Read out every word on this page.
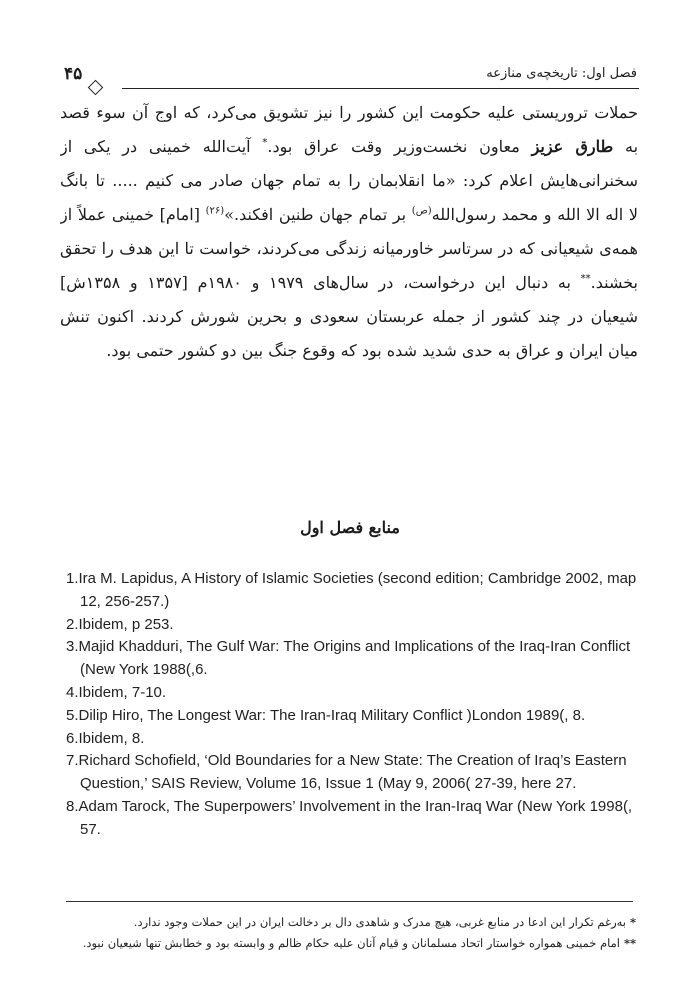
۴۵	فصل اول: تاریخچه‌ی منازعه
حملات تروریستی علیه حکومت این کشور را نیز تشویق می‌کرد، که اوج آن سوء قصد
به طارق عزیز معاون نخست‌وزیر وقت عراق بود.* آیت‌الله خمینی در یکی از
سخنرانی‌هایش اعلام کرد: «ما انقلابمان را به تمام جهان صادر می کنیم ..... تا بانگ
لا اله الا الله و محمد رسول‌الله$^{(ص)}$ بر تمام جهان طنین افکند.»$^{(۲۶)}$ [امام] خمینی عملاً از
همه‌ی شیعیانی که در سرتاسر خاورمیانه زندگی می‌کردند، خواست تا این هدف را تحقق
بخشند.** به دنبال این درخواست، در سال‌های ۱۹۷۹ و ۱۹۸۰م [۱۳۵۷ و ۱۳۵۸ش]
شیعیان در چند کشور از جمله عربستان سعودی و بحرین شورش کردند. اکنون تنش
میان ایران و عراق به حدی شدید شده بود که وقوع جنگ بین دو کشور حتمی بود.
منابع فصل اول
1.Ira M. Lapidus, A History of Islamic Societies (second edition; Cambridge 2002, map 12, 256-257.)
2.Ibidem, p 253.
3.Majid Khadduri, The Gulf War: The Origins and Implications of the Iraq-Iran Conflict (New York 1988(,6.
4.Ibidem, 7-10.
5.Dilip Hiro, The Longest War: The Iran-Iraq Military Conflict )London 1989(, 8.
6.Ibidem, 8.
7.Richard Schofield, ‘Old Boundaries for a New State: The Creation of Iraq’s Eastern Question,’ SAIS Review, Volume 16, Issue 1 (May 9, 2006( 27-39, here 27.
8.Adam Tarock, The Superpowers’ Involvement in the Iran-Iraq War (New York 1998(, 57.
*به‌رغم تکرار این ادعا در منابع غربی، هیچ مدرک و شاهدی دال بر دخالت ایران در این حملات وجود ندارد.
**امام خمینی همواره خواستار اتحاد مسلمانان و قیام آنان علیه حکام ظالم و وابسته بود و خطابش تنها شیعیان نبود.
